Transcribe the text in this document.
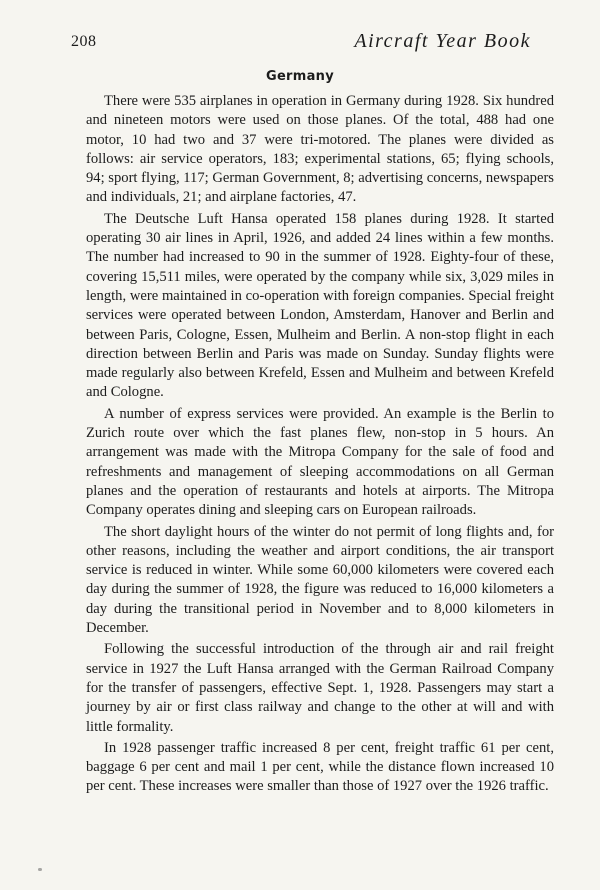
208	Aircraft Year Book
Germany

There were 535 airplanes in operation in Germany during 1928. Six hundred and nineteen motors were used on those planes. Of the total, 488 had one motor, 10 had two and 37 were tri-motored. The planes were divided as follows: air service operators, 183; experimental stations, 65; flying schools, 94; sport flying, 117; German Government, 8; advertising concerns, newspapers and individuals, 21; and airplane factories, 47.

The Deutsche Luft Hansa operated 158 planes during 1928. It started operating 30 air lines in April, 1926, and added 24 lines within a few months. The number had increased to 90 in the summer of 1928. Eighty-four of these, covering 15,511 miles, were operated by the company while six, 3,029 miles in length, were maintained in co-operation with foreign companies. Special freight services were operated between London, Amsterdam, Hanover and Berlin and between Paris, Cologne, Essen, Mulheim and Berlin. A non-stop flight in each direction between Berlin and Paris was made on Sunday. Sunday flights were made regularly also between Krefeld, Essen and Mulheim and between Krefeld and Cologne.

A number of express services were provided. An example is the Berlin to Zurich route over which the fast planes flew, non-stop in 5 hours. An arrangement was made with the Mitropa Company for the sale of food and refreshments and management of sleeping accommodations on all German planes and the operation of restaurants and hotels at airports. The Mitropa Company operates dining and sleeping cars on European railroads.

The short daylight hours of the winter do not permit of long flights and, for other reasons, including the weather and airport conditions, the air transport service is reduced in winter. While some 60,000 kilometers were covered each day during the summer of 1928, the figure was reduced to 16,000 kilometers a day during the transitional period in November and to 8,000 kilometers in December.

Following the successful introduction of the through air and rail freight service in 1927 the Luft Hansa arranged with the German Railroad Company for the transfer of passengers, effective Sept. 1, 1928. Passengers may start a journey by air or first class railway and change to the other at will and with little formality.

In 1928 passenger traffic increased 8 per cent, freight traffic 61 per cent, baggage 6 per cent and mail 1 per cent, while the distance flown increased 10 per cent. These increases were smaller than those of 1927 over the 1926 traffic.
